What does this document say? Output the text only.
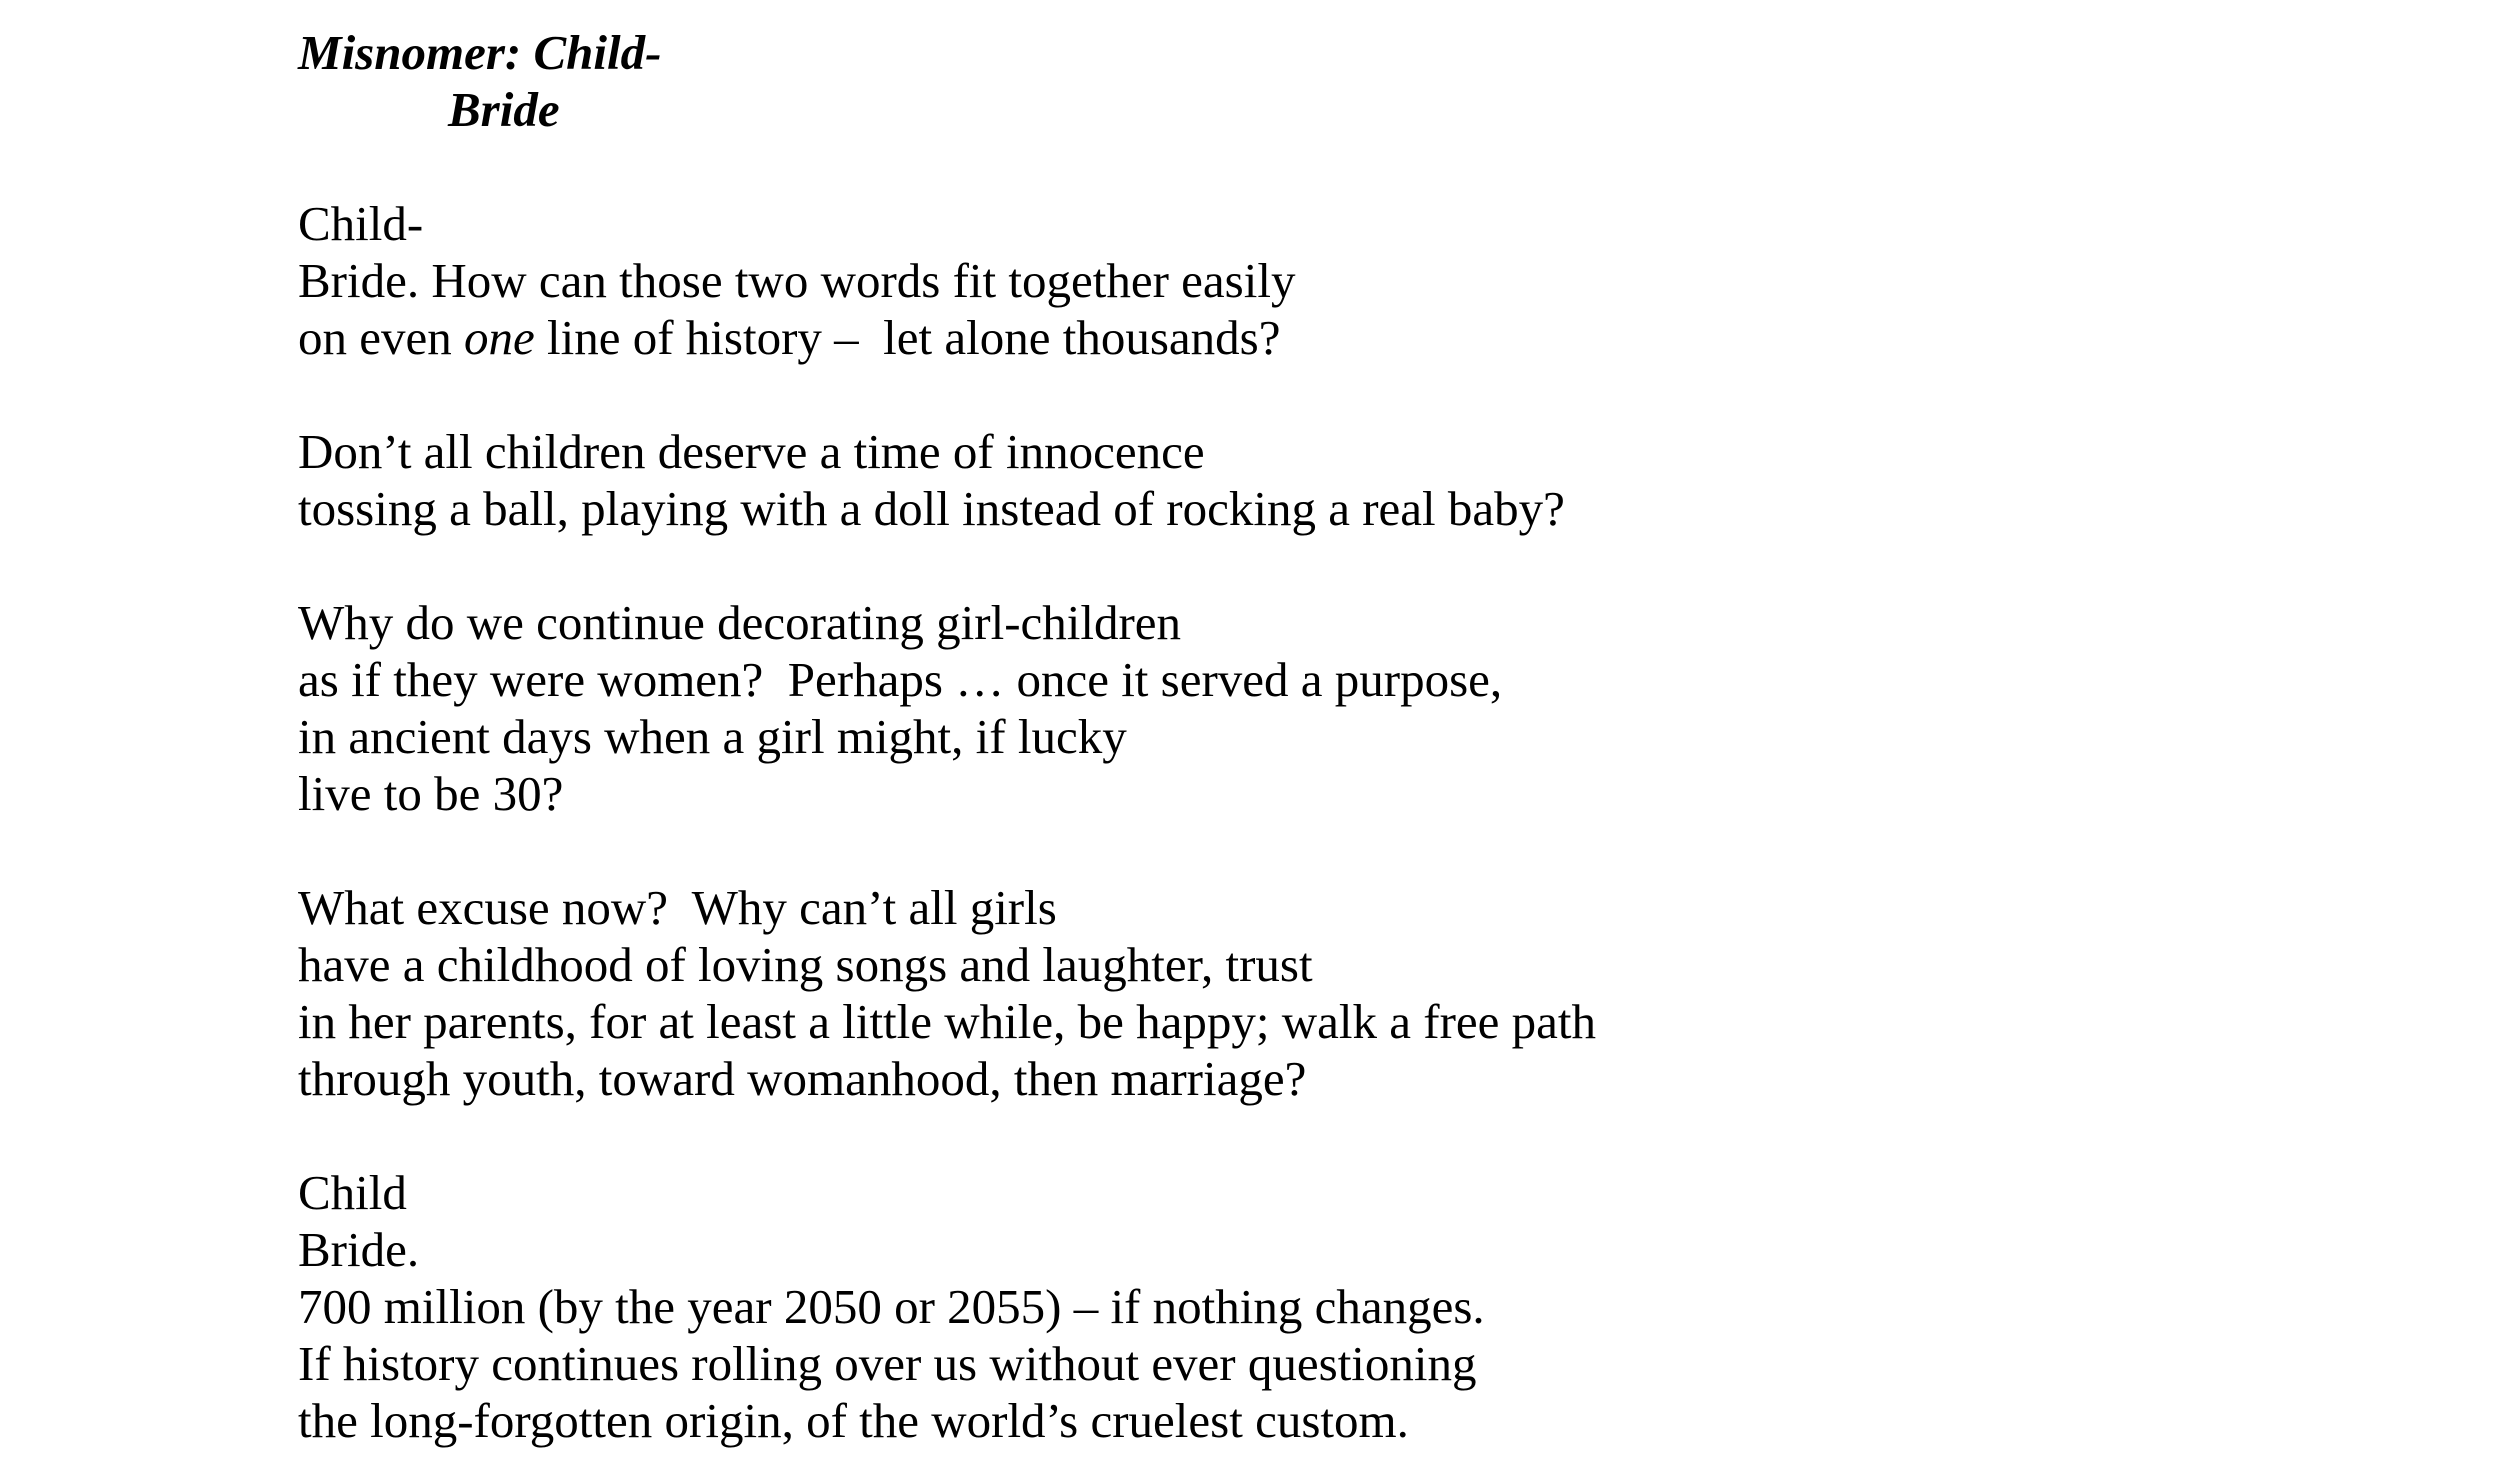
Misnomer: Child-
Bride
Child-
Bride. How can those two words fit together easily
on even one line of history –  let alone thousands?
Don’t all children deserve a time of innocence
tossing a ball, playing with a doll instead of rocking a real baby?
Why do we continue decorating girl-children
as if they were women?  Perhaps … once it served a purpose,
in ancient days when a girl might, if lucky
live to be 30?
What excuse now?  Why can’t all girls
have a childhood of loving songs and laughter, trust
in her parents, for at least a little while, be happy; walk a free path
through youth, toward womanhood, then marriage?
Child
Bride.
700 million (by the year 2050 or 2055) – if nothing changes.
If history continues rolling over us without ever questioning
the long-forgotten origin, of the world’s cruelest custom.
